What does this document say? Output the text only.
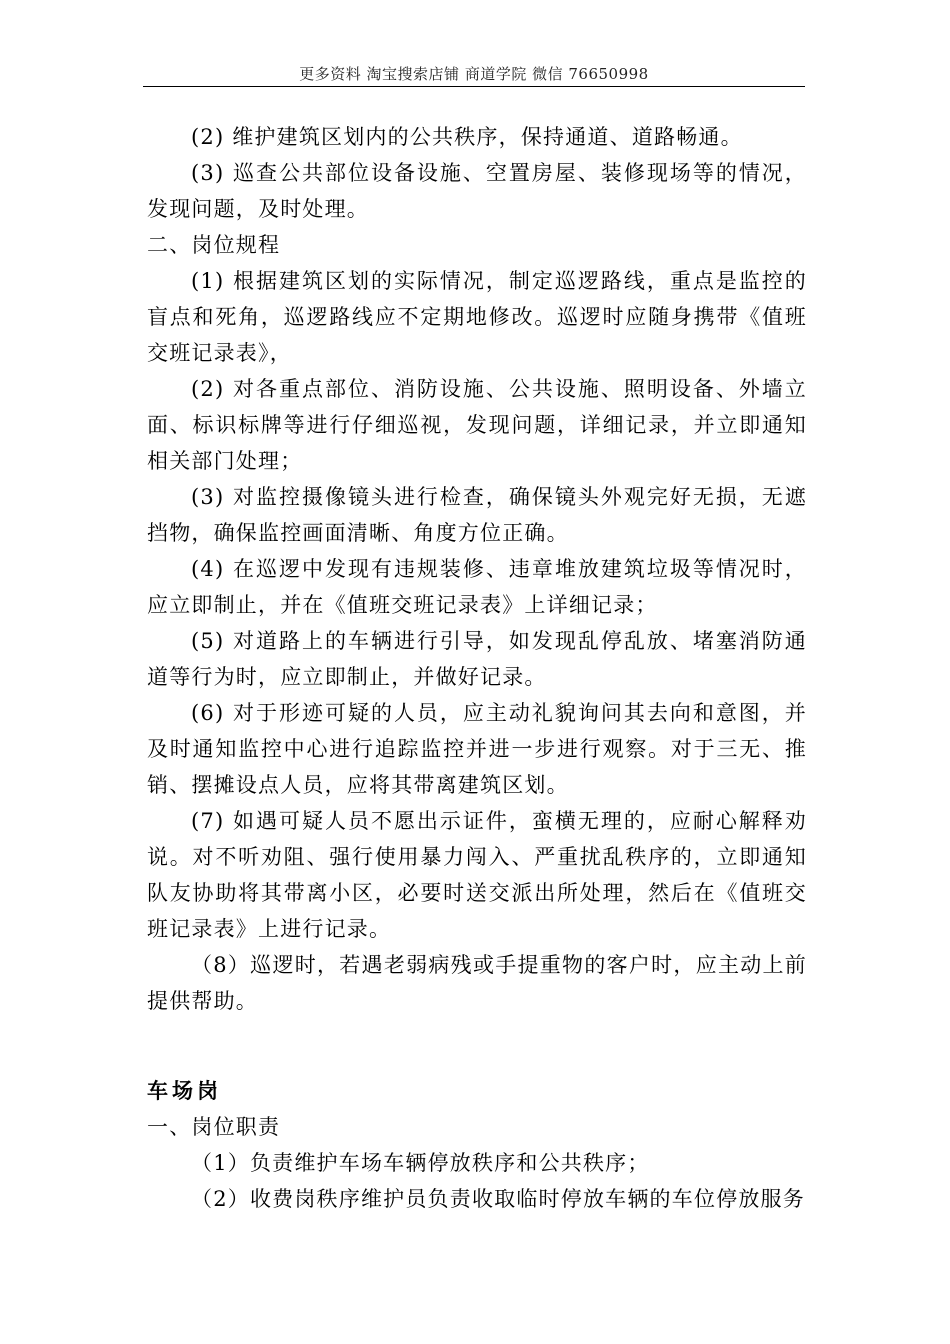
更多资料 淘宝搜索店铺 商道学院 微信 76650998

(2) 维护建筑区划内的公共秩序，保持通道、道路畅通。

(3) 巡查公共部位设备设施、空置房屋、装修现场等的情况，发现问题，及时处理。

二、岗位规程

(1) 根据建筑区划的实际情况，制定巡逻路线，重点是监控的盲点和死角，巡逻路线应不定期地修改。巡逻时应随身携带《值班交班记录表》，

(2) 对各重点部位、消防设施、公共设施、照明设备、外墙立面、标识标牌等进行仔细巡视，发现问题，详细记录，并立即通知相关部门处理；

(3) 对监控摄像镜头进行检查，确保镜头外观完好无损，无遮挡物，确保监控画面清晰、角度方位正确。

(4) 在巡逻中发现有违规装修、违章堆放建筑垃圾等情况时，应立即制止，并在《值班交班记录表》上详细记录；

(5) 对道路上的车辆进行引导，如发现乱停乱放、堵塞消防通道等行为时，应立即制止，并做好记录。

(6) 对于形迹可疑的人员，应主动礼貌询问其去向和意图，并及时通知监控中心进行追踪监控并进一步进行观察。对于三无、推销、摆摊设点人员，应将其带离建筑区划。

(7) 如遇可疑人员不愿出示证件，蛮横无理的，应耐心解释劝说。对不听劝阻、强行使用暴力闯入、严重扰乱秩序的，立即通知队友协助将其带离小区，必要时送交派出所处理，然后在《值班交班记录表》上进行记录。

（8）巡逻时，若遇老弱病残或手提重物的客户时，应主动上前提供帮助。

车场岗

一、岗位职责

（1）负责维护车场车辆停放秩序和公共秩序；

（2）收费岗秩序维护员负责收取临时停放车辆的车位停放服务
